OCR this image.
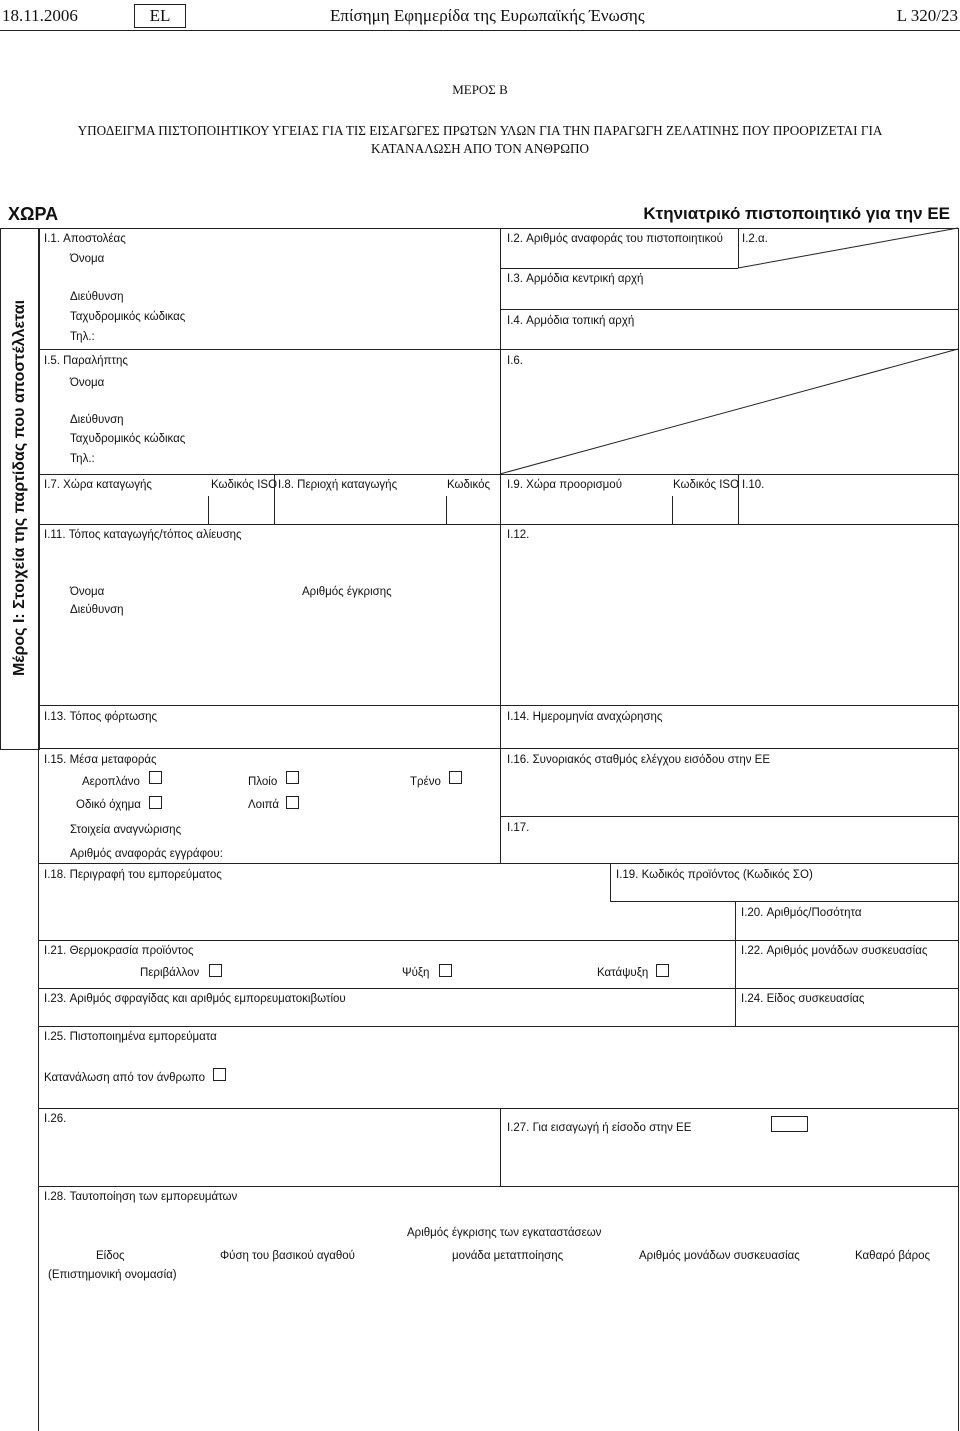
18.11.2006	EL	Επίσημη Εφημερίδα της Ευρωπαϊκής Ένωσης	L 320/23
ΜΕΡΟΣ Β
ΥΠΟΔΕΙΓΜΑ ΠΙΣΤΟΠΟΙΗΤΙΚΟΥ ΥΓΕΙΑΣ ΓΙΑ ΤΙΣ ΕΙΣΑΓΩΓΕΣ ΠΡΩΤΩΝ ΥΛΩΝ ΓΙΑ ΤΗΝ ΠΑΡΑΓΩΓΗ ΖΕΛΑΤΙΝΗΣ ΠΟΥ ΠΡΟΟΡΙΖΕΤΑΙ ΓΙΑ
ΚΑΤΑΝΑΛΩΣΗ ΑΠΟ ΤΟΝ ΑΝΘΡΩΠΟ
ΧΩΡΑ	Κτηνιατρικό πιστοποιητικό για την ΕΕ
Μέρος I: Στοιχεία της παρτίδας που αποστέλλεται
I.1. Αποστολέας
Όνομα
Διεύθυνση
Ταχυδρομικός κώδικας
Τηλ.:
I.2. Αριθμός αναφοράς του πιστοποιητικού I.2.α.
I.3. Αρμόδια κεντρική αρχή
I.4. Αρμόδια τοπική αρχή
I.5. Παραλήπτης
Όνομα
Διεύθυνση
Ταχυδρομικός κώδικας
Τηλ.:
I.6.
I.7. Χώρα καταγωγής	Κωδικός ISO I.8. Περιοχή καταγωγής	Κωδικός I.9. Χώρα προορισμού	Κωδικός ISO I.10.
I.11. Τόπος καταγωγής/τόπος αλίευσης
Όνομα	Αριθμός έγκρισης
Διεύθυνση
I.12.
I.13. Τόπος φόρτωσης	I.14. Ημερομηνία αναχώρησης
I.15. Μέσα μεταφοράς
Αεροπλάνο	Πλοίο	Τρένο
Οδικό όχημα	Λοιπά
Στοιχεία αναγνώρισης
Αριθμός αναφοράς εγγράφου:
I.16. Συνοριακός σταθμός ελέγχου εισόδου στην ΕΕ
I.17.
I.18. Περιγραφή του εμπορεύματος	I.19. Κωδικός προϊόντος (Κωδικός ΣΟ)
I.20. Αριθμός/Ποσότητα
I.21. Θερμοκρασία προϊόντος
Περιβάλλον	Ψύξη	Κατάψυξη
I.22. Αριθμός μονάδων συσκευασίας
I.23. Αριθμός σφραγίδας και αριθμός εμπορευματοκιβωτίου	I.24. Είδος συσκευασίας
I.25. Πιστοποιημένα εμπορεύματα
Κατανάλωση από τον άνθρωπο
I.26.
I.27. Για εισαγωγή ή είσοδο στην ΕΕ
I.28. Ταυτοποίηση των εμπορευμάτων
Αριθμός έγκρισης των εγκαταστάσεων
Είδος
(Επιστημονική ονομασία)
Φύση του βασικού αγαθού	μονάδα μετατποίησης	Αριθμός μονάδων συσκευασίας	Καθαρό βάρος
